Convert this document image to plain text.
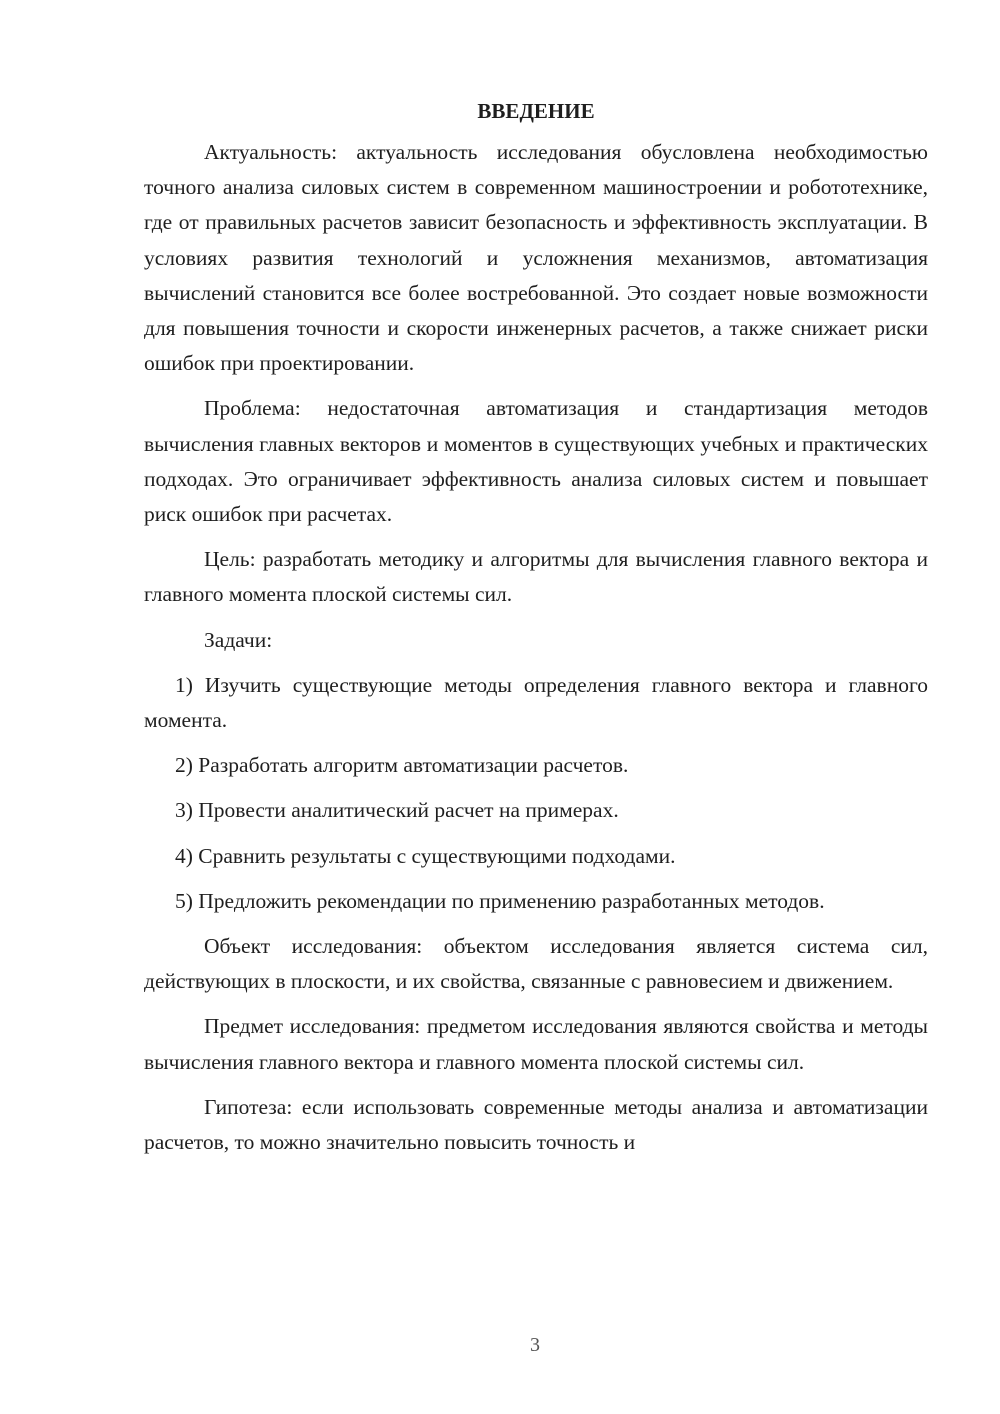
ВВЕДЕНИЕ

Актуальность: актуальность исследования обусловлена необходимостью точного анализа силовых систем в современном машиностроении и робототехнике, где от правильных расчетов зависит безопасность и эффективность эксплуатации. В условиях развития технологий и усложнения механизмов, автоматизация вычислений становится все более востребованной. Это создает новые возможности для повышения точности и скорости инженерных расчетов, а также снижает риски ошибок при проектировании.

Проблема: недостаточная автоматизация и стандартизация методов вычисления главных векторов и моментов в существующих учебных и практических подходах. Это ограничивает эффективность анализа силовых систем и повышает риск ошибок при расчетах.

Цель: разработать методику и алгоритмы для вычисления главного вектора и главного момента плоской системы сил.

Задачи:

1) Изучить существующие методы определения главного вектора и главного момента.

2) Разработать алгоритм автоматизации расчетов.

3) Провести аналитический расчет на примерах.

4) Сравнить результаты с существующими подходами.

5) Предложить рекомендации по применению разработанных методов.

Объект исследования: объектом исследования является система сил, действующих в плоскости, и их свойства, связанные с равновесием и движением.

Предмет исследования: предметом исследования являются свойства и методы вычисления главного вектора и главного момента плоской системы сил.

Гипотеза: если использовать современные методы анализа и автоматизации расчетов, то можно значительно повысить точность и

3
